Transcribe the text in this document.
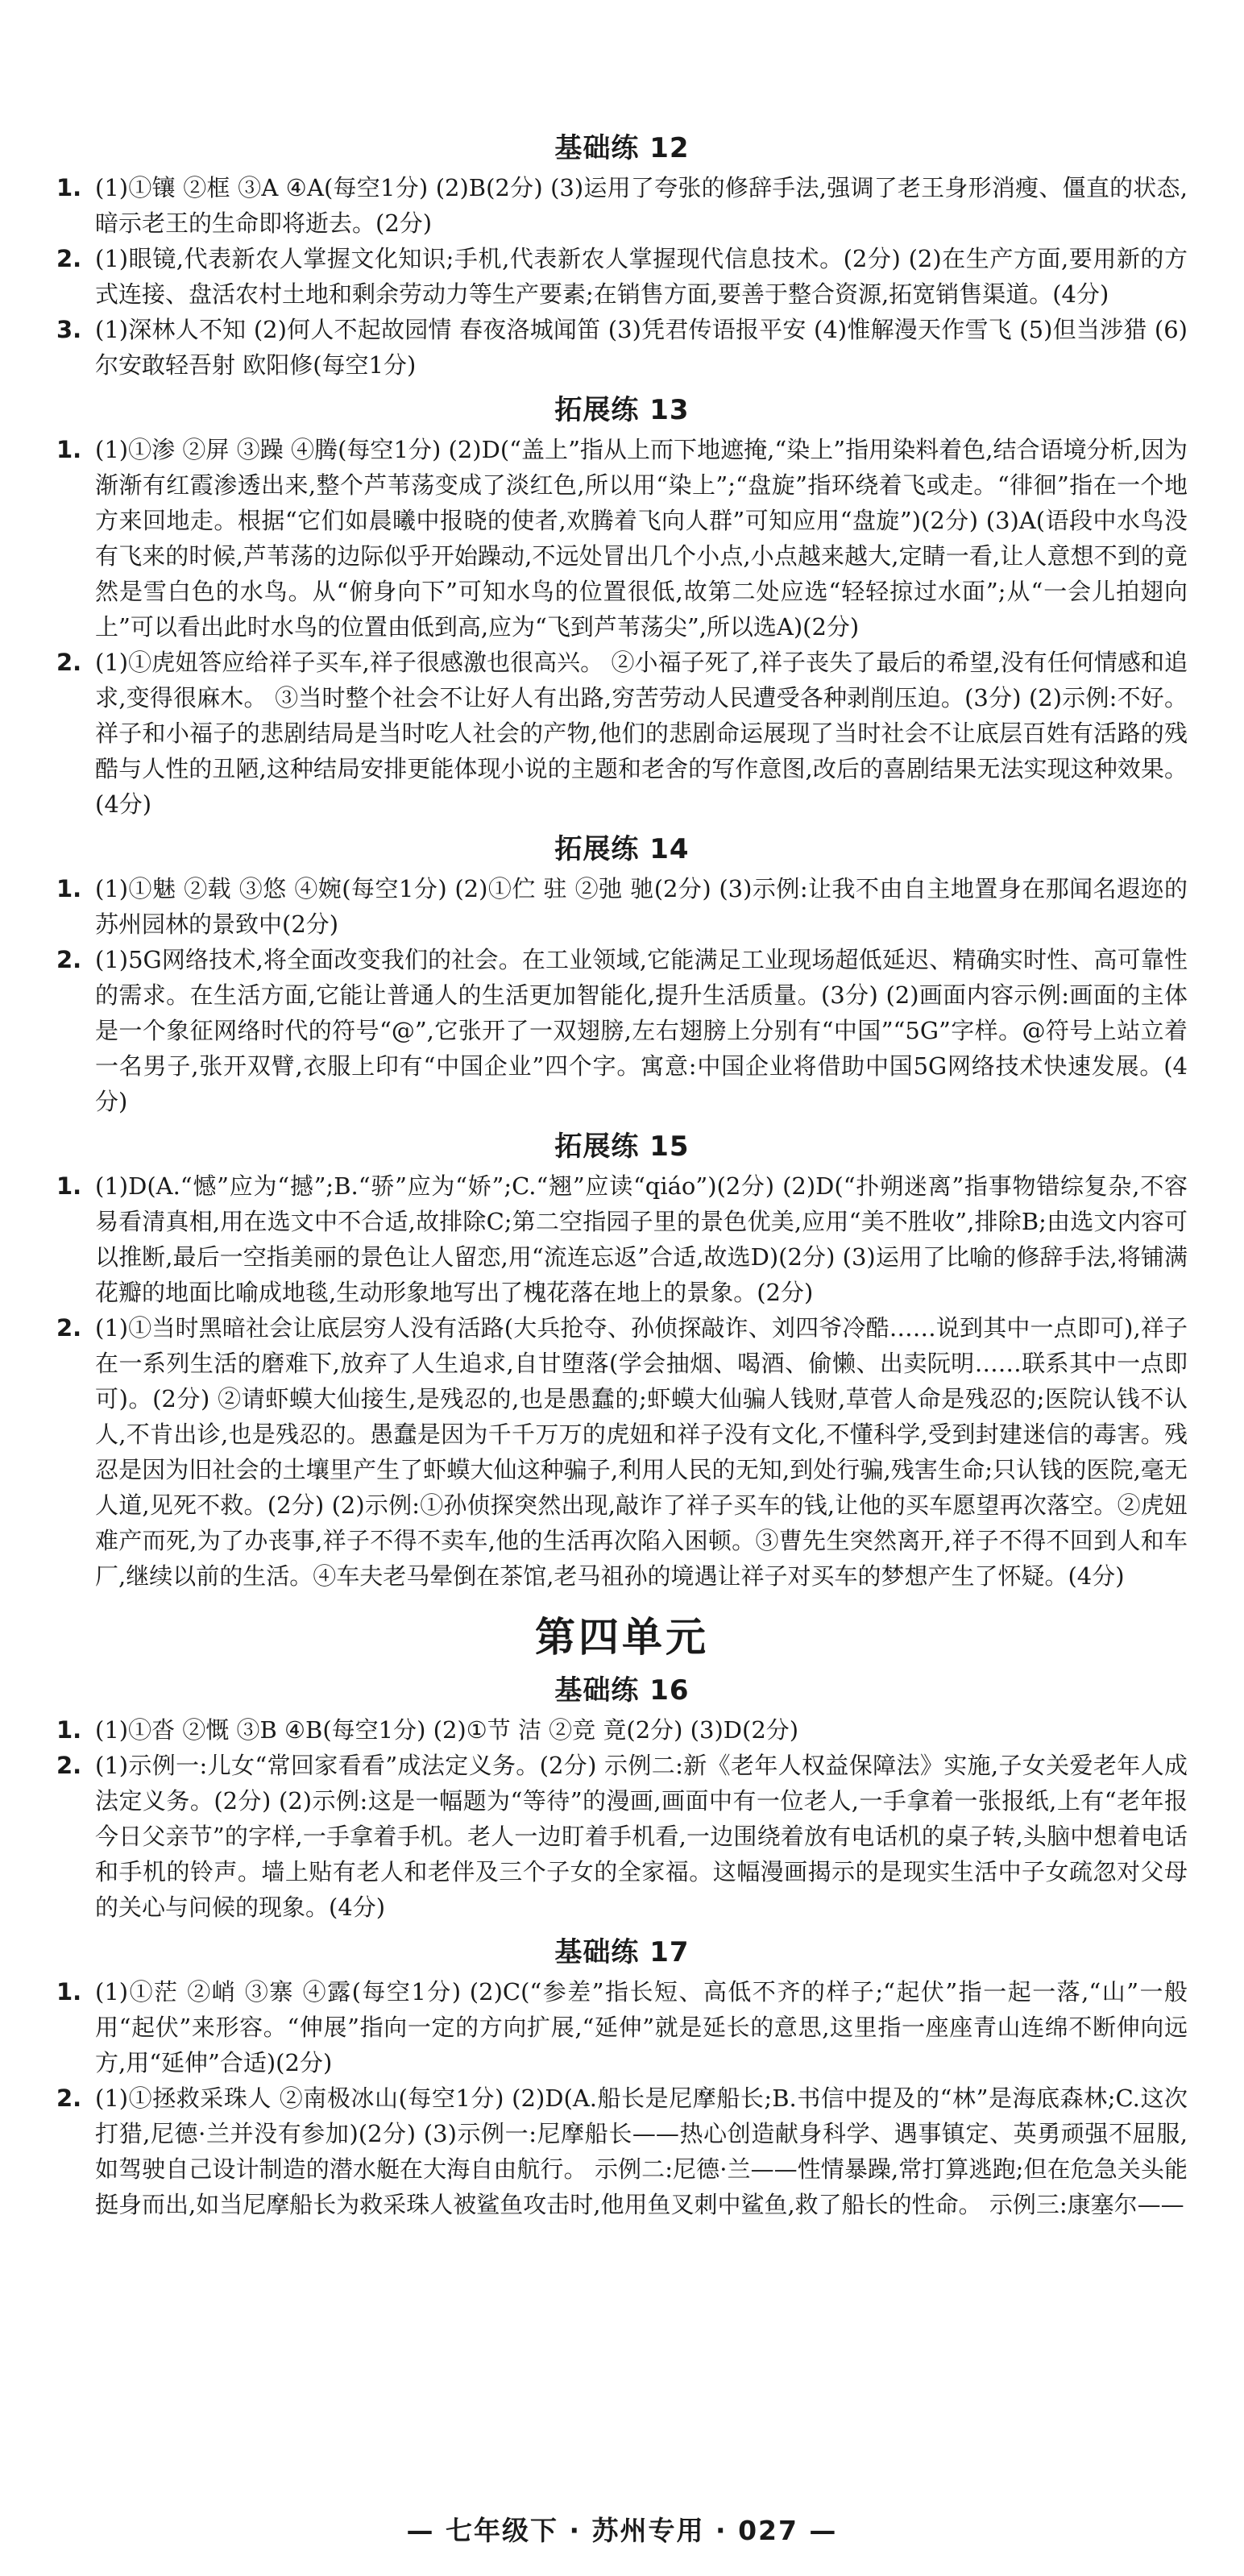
基础练 12
1. (1)①镶 ②框 ③A ④A(每空1分) (2)B(2分) (3)运用了夸张的修辞手法,强调了老王身形消瘦、僵直的状态,暗示老王的生命即将逝去。(2分)
2. (1)眼镜,代表新农人掌握文化知识;手机,代表新农人掌握现代信息技术。(2分) (2)在生产方面,要用新的方式连接、盘活农村土地和剩余劳动力等生产要素;在销售方面,要善于整合资源,拓宽销售渠道。(4分)
3. (1)深林人不知 (2)何人不起故园情 春夜洛城闻笛 (3)凭君传语报平安 (4)惟解漫天作雪飞 (5)但当涉猎 (6)尔安敢轻吾射 欧阳修(每空1分)
拓展练 13
1. (1)①渗 ②屏 ③躁 ④腾(每空1分) (2)D(“盖上”指从上而下地遮掩,“染上”指用染料着色,结合语境分析,因为渐渐有红霞渗透出来,整个芦苇荡变成了淡红色,所以用“染上”;“盘旋”指环绕着飞或走。“徘徊”指在一个地方来回地走。根据“它们如晨曦中报晓的使者,欢腾着飞向人群”可知应用“盘旋”)(2分) (3)A(语段中水鸟没有飞来的时候,芦苇荡的边际似乎开始躁动,不远处冒出几个小点,小点越来越大,定睛一看,让人意想不到的竟然是雪白色的水鸟。从“俯身向下”可知水鸟的位置很低,故第二处应选“轻轻掠过水面”;从“一会儿拍翅向上”可以看出此时水鸟的位置由低到高,应为“飞到芦苇荡尖”,所以选A)(2分)
2. (1)①虎妞答应给祥子买车,祥子很感激也很高兴。 ②小福子死了,祥子丧失了最后的希望,没有任何情感和追求,变得很麻木。 ③当时整个社会不让好人有出路,穷苦劳动人民遭受各种剥削压迫。(3分) (2)示例:不好。祥子和小福子的悲剧结局是当时吃人社会的产物,他们的悲剧命运展现了当时社会不让底层百姓有活路的残酷与人性的丑陋,这种结局安排更能体现小说的主题和老舍的写作意图,改后的喜剧结果无法实现这种效果。(4分)
拓展练 14
1. (1)①魅 ②载 ③悠 ④婉(每空1分) (2)①伫 驻 ②弛 驰(2分) (3)示例:让我不由自主地置身在那闻名遐迩的苏州园林的景致中(2分)
2. (1)5G网络技术,将全面改变我们的社会。在工业领域,它能满足工业现场超低延迟、精确实时性、高可靠性的需求。在生活方面,它能让普通人的生活更加智能化,提升生活质量。(3分) (2)画面内容示例:画面的主体是一个象征网络时代的符号“@”,它张开了一双翅膀,左右翅膀上分别有“中国”“5G”字样。@符号上站立着一名男子,张开双臂,衣服上印有“中国企业”四个字。寓意:中国企业将借助中国5G网络技术快速发展。(4分)
拓展练 15
1. (1)D(A.“憾”应为“撼”;B.“骄”应为“娇”;C.“翘”应读“qiáo”)(2分) (2)D(“扑朔迷离”指事物错综复杂,不容易看清真相,用在选文中不合适,故排除C;第二空指园子里的景色优美,应用“美不胜收”,排除B;由选文内容可以推断,最后一空指美丽的景色让人留恋,用“流连忘返”合适,故选D)(2分) (3)运用了比喻的修辞手法,将铺满花瓣的地面比喻成地毯,生动形象地写出了槐花落在地上的景象。(2分)
2. (1)①当时黑暗社会让底层穷人没有活路(大兵抢夺、孙侦探敲诈、刘四爷冷酷……说到其中一点即可),祥子在一系列生活的磨难下,放弃了人生追求,自甘堕落(学会抽烟、喝酒、偷懒、出卖阮明……联系其中一点即可)。(2分) ②请虾蟆大仙接生,是残忍的,也是愚蠢的;虾蟆大仙骗人钱财,草菅人命是残忍的;医院认钱不认人,不肯出诊,也是残忍的。愚蠢是因为千千万万的虎妞和祥子没有文化,不懂科学,受到封建迷信的毒害。残忍是因为旧社会的土壤里产生了虾蟆大仙这种骗子,利用人民的无知,到处行骗,残害生命;只认钱的医院,毫无人道,见死不救。(2分) (2)示例:①孙侦探突然出现,敲诈了祥子买车的钱,让他的买车愿望再次落空。②虎妞难产而死,为了办丧事,祥子不得不卖车,他的生活再次陷入困顿。③曹先生突然离开,祥子不得不回到人和车厂,继续以前的生活。④车夫老马晕倒在茶馆,老马祖孙的境遇让祥子对买车的梦想产生了怀疑。(4分)
第四单元
基础练 16
1. (1)①沓 ②慨 ③B ④B(每空1分) (2)①节 洁 ②竞 竟(2分) (3)D(2分)
2. (1)示例一:儿女“常回家看看”成法定义务。(2分) 示例二:新《老年人权益保障法》实施,子女关爱老年人成法定义务。(2分) (2)示例:这是一幅题为“等待”的漫画,画面中有一位老人,一手拿着一张报纸,上有“老年报 今日父亲节”的字样,一手拿着手机。老人一边盯着手机看,一边围绕着放有电话机的桌子转,头脑中想着电话和手机的铃声。墙上贴有老人和老伴及三个子女的全家福。这幅漫画揭示的是现实生活中子女疏忽对父母的关心与问候的现象。(4分)
基础练 17
1. (1)①茫 ②峭 ③寨 ④露(每空1分) (2)C(“参差”指长短、高低不齐的样子;“起伏”指一起一落,“山”一般用“起伏”来形容。“伸展”指向一定的方向扩展,“延伸”就是延长的意思,这里指一座座青山连绵不断伸向远方,用“延伸”合适)(2分)
2. (1)①拯救采珠人 ②南极冰山(每空1分) (2)D(A.船长是尼摩船长;B.书信中提及的“林”是海底森林;C.这次打猎,尼德·兰并没有参加)(2分) (3)示例一:尼摩船长——热心创造献身科学、遇事镇定、英勇顽强不屈服,如驾驶自己设计制造的潜水艇在大海自由航行。 示例二:尼德·兰——性情暴躁,常打算逃跑;但在危急关头能挺身而出,如当尼摩船长为救采珠人被鲨鱼攻击时,他用鱼叉刺中鲨鱼,救了船长的性命。 示例三:康塞尔——
— 七年级下 · 苏州专用 · 027 —
